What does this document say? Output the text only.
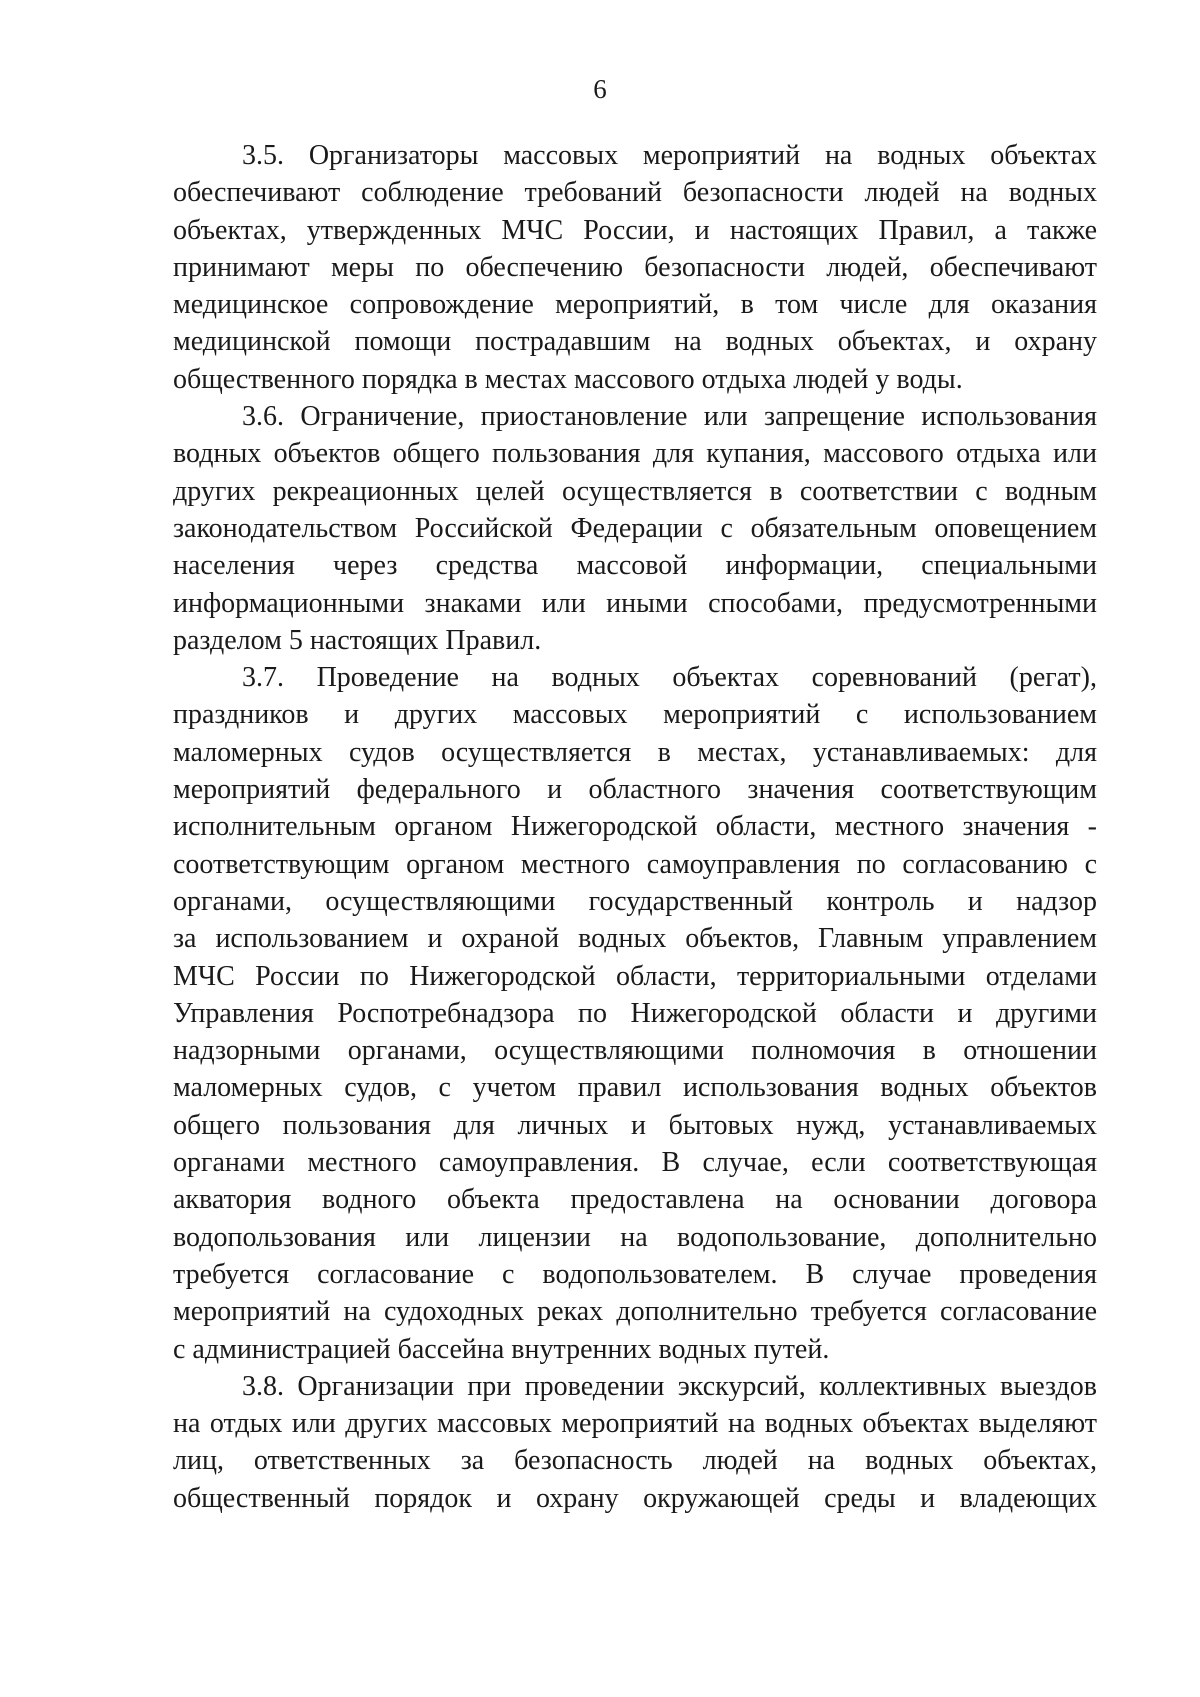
6
3.5. Организаторы массовых мероприятий на водных объектах
обеспечивают соблюдение требований безопасности людей на водных
объектах, утвержденных МЧС России, и настоящих Правил, а также
принимают меры по обеспечению безопасности людей, обеспечивают
медицинское сопровождение мероприятий, в том числе для оказания
медицинской помощи пострадавшим на водных объектах, и охрану
общественного порядка в местах массового отдыха людей у воды.
3.6. Ограничение, приостановление или запрещение использования
водных объектов общего пользования для купания, массового отдыха или
других рекреационных целей осуществляется в соответствии с водным
законодательством Российской Федерации с обязательным оповещением
населения через средства массовой информации, специальными
информационными знаками или иными способами, предусмотренными
разделом 5 настоящих Правил.
3.7. Проведение на водных объектах соревнований (регат),
праздников и других массовых мероприятий с использованием
маломерных судов осуществляется в местах, устанавливаемых: для
мероприятий федерального и областного значения соответствующим
исполнительным органом Нижегородской области, местного значения -
соответствующим органом местного самоуправления по согласованию с
органами, осуществляющими государственный контроль и надзор
за использованием и охраной водных объектов, Главным управлением
МЧС России по Нижегородской области, территориальными отделами
Управления Роспотребнадзора по Нижегородской области и другими
надзорными органами, осуществляющими полномочия в отношении
маломерных судов, с учетом правил использования водных объектов
общего пользования для личных и бытовых нужд, устанавливаемых
органами местного самоуправления. В случае, если соответствующая
акватория водного объекта предоставлена на основании договора
водопользования или лицензии на водопользование, дополнительно
требуется согласование с водопользователем. В случае проведения
мероприятий на судоходных реках дополнительно требуется согласование
с администрацией бассейна внутренних водных путей.
3.8. Организации при проведении экскурсий, коллективных выездов
на отдых или других массовых мероприятий на водных объектах выделяют
лиц, ответственных за безопасность людей на водных объектах,
общественный порядок и охрану окружающей среды и владеющих
